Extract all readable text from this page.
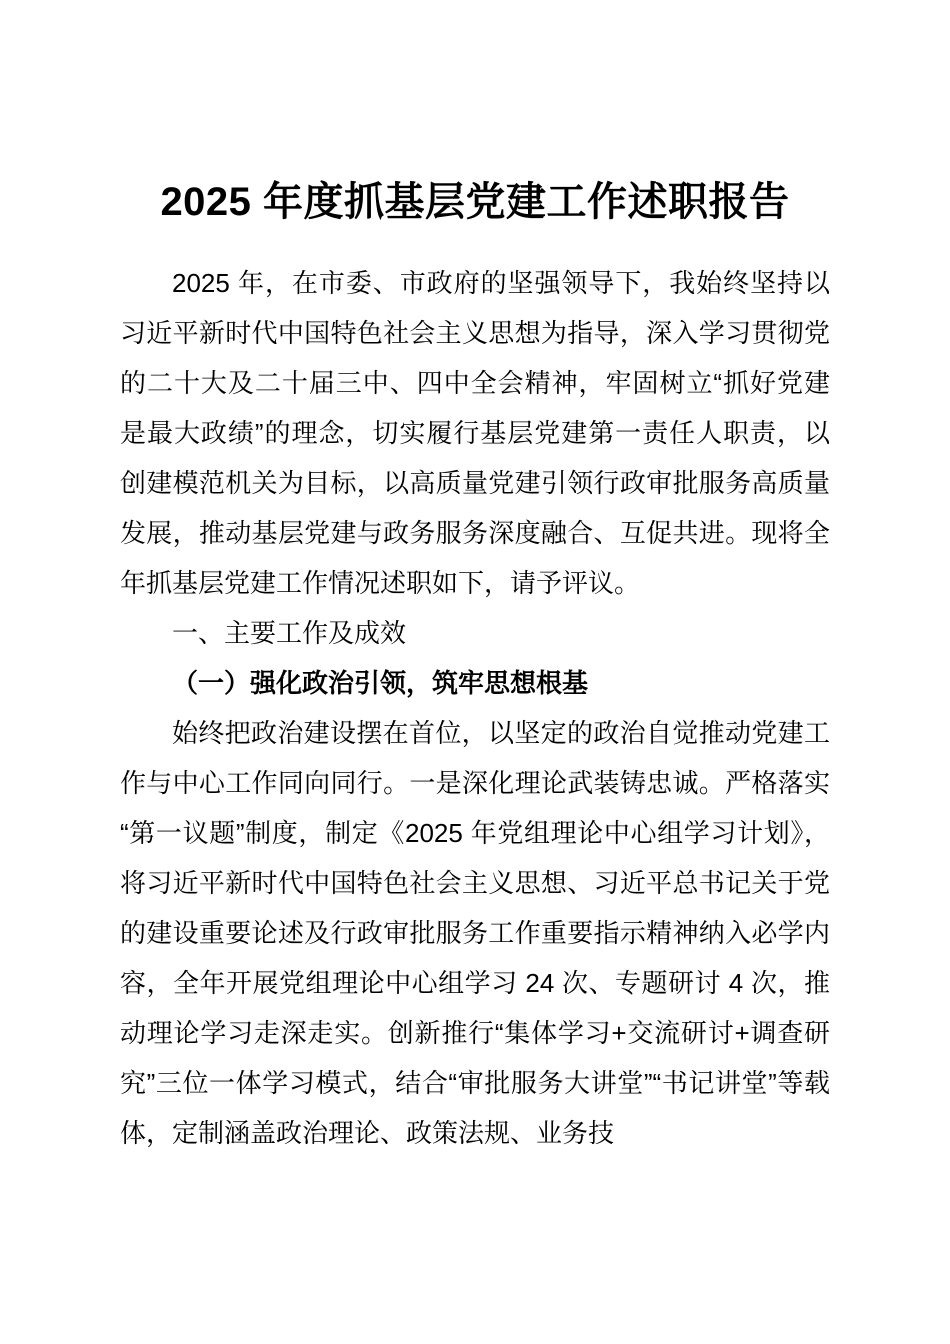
2025 年度抓基层党建工作述职报告

2025 年，在市委、市政府的坚强领导下，我始终坚持以习近平新时代中国特色社会主义思想为指导，深入学习贯彻党的二十大及二十届三中、四中全会精神，牢固树立“抓好党建是最大政绩”的理念，切实履行基层党建第一责任人职责，以创建模范机关为目标，以高质量党建引领行政审批服务高质量发展，推动基层党建与政务服务深度融合、互促共进。现将全年抓基层党建工作情况述职如下，请予评议。

一、主要工作及成效

（一）强化政治引领，筑牢思想根基

始终把政治建设摆在首位，以坚定的政治自觉推动党建工作与中心工作同向同行。一是深化理论武装铸忠诚。严格落实“第一议题”制度，制定《2025 年党组理论中心组学习计划》，将习近平新时代中国特色社会主义思想、习近平总书记关于党的建设重要论述及行政审批服务工作重要指示精神纳入必学内容，全年开展党组理论中心组学习 24 次、专题研讨 4 次，推动理论学习走深走实。创新推行“集体学习+交流研讨+调查研究”三位一体学习模式，结合“审批服务大讲堂”“书记讲堂”等载体，定制涵盖政治理论、政策法规、业务技
